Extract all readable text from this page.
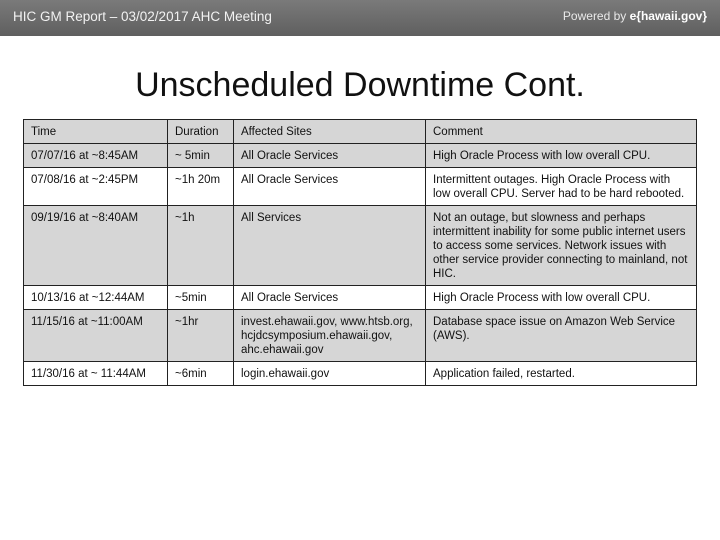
HIC GM Report – 03/02/2017 AHC Meeting	Powered by e{hawaii.gov}
Unscheduled Downtime Cont.
Time	Duration	Affected Sites	Comment
07/07/16 at ~8:45AM	~ 5min	All Oracle Services	High Oracle Process with low overall CPU.
07/08/16 at ~2:45PM	~1h 20m	All Oracle Services	Intermittent outages. High Oracle Process with low overall CPU. Server had to be hard rebooted.
09/19/16 at ~8:40AM	~1h	All Services	Not an outage, but slowness and perhaps intermittent inability for some public internet users to access some services. Network issues with other service provider connecting to mainland, not HIC.
10/13/16 at ~12:44AM	~5min	All Oracle Services	High Oracle Process with low overall CPU.
11/15/16 at ~11:00AM	~1hr	invest.ehawaii.gov, www.htsb.org, hcjdcsymposium.ehawaii.gov, ahc.ehawaii.gov	Database space issue on Amazon Web Service (AWS).
11/30/16 at ~ 11:44AM	~6min	login.ehawaii.gov	Application failed, restarted.
